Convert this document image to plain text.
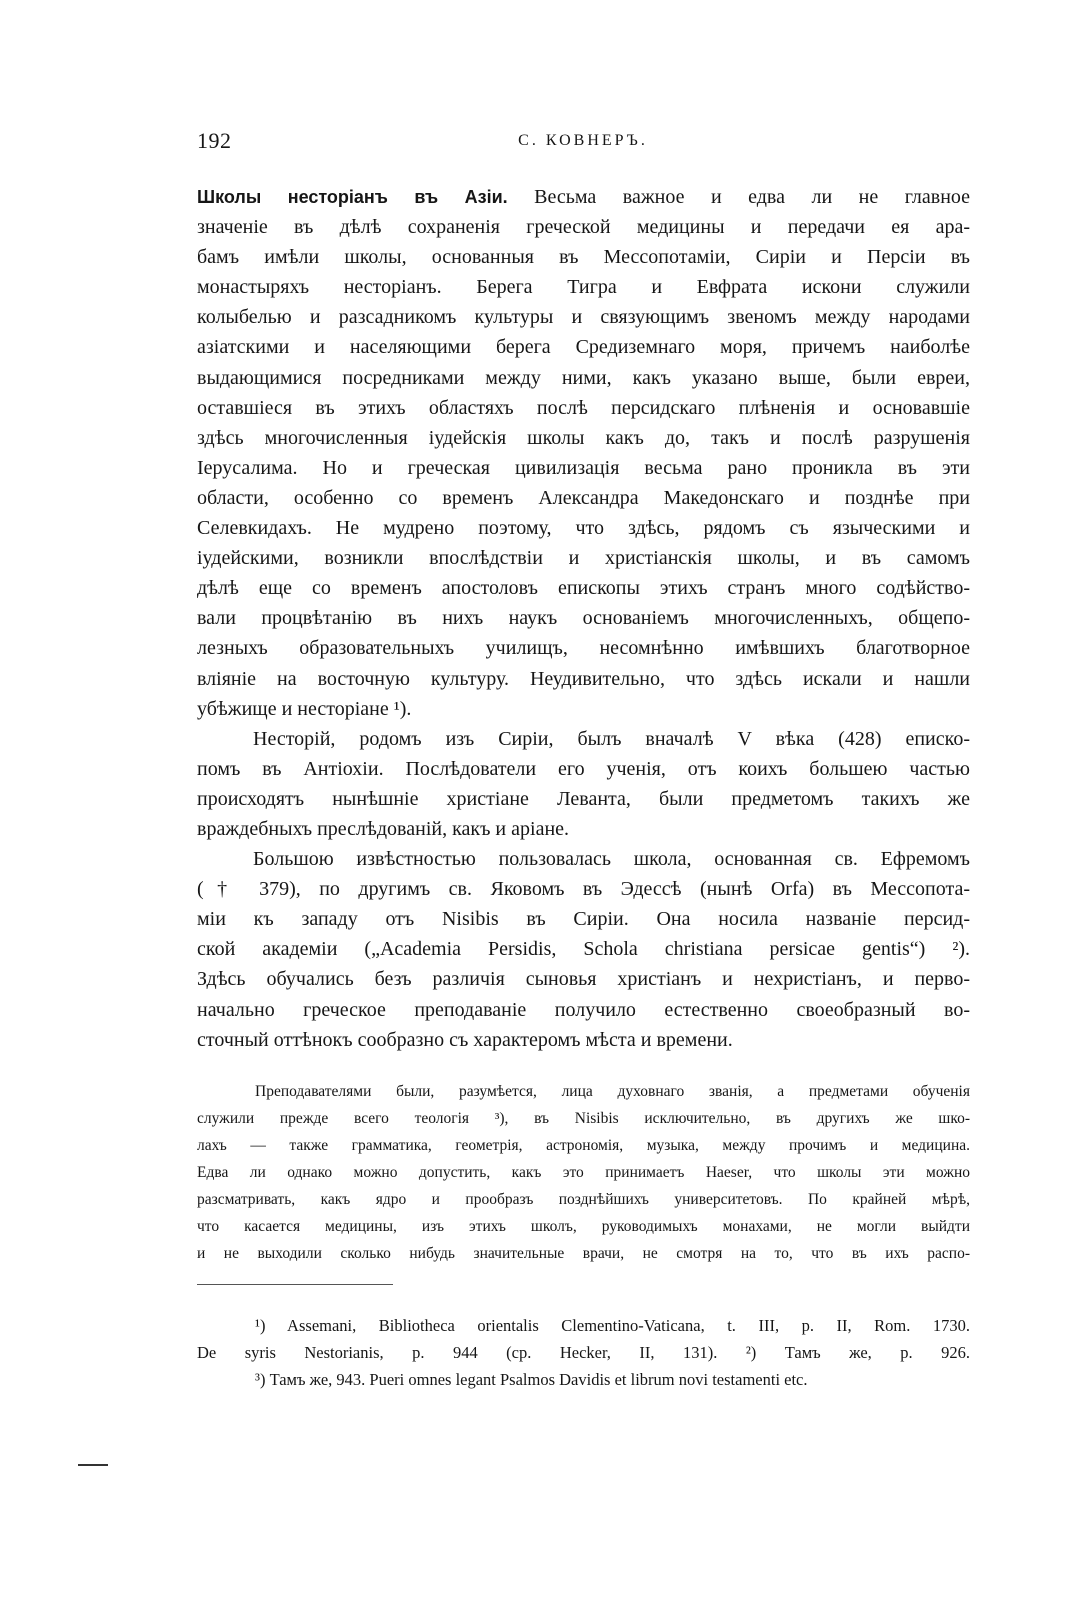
192	С. КОВНЕРЪ.
Школы несторіанъ въ Азіи. Весьма важное и едва ли не главное
значеніе въ дѣлѣ сохраненія греческой медицины и передачи ея ара-
бамъ имѣли школы, основанныя въ Мессопотаміи, Сиріи и Персіи въ
монастыряхъ несторіанъ. Берега Тигра и Евфрата искони служили
колыбелью и разсадникомъ культуры и связующимъ звеномъ между народами
азіатскими и населяющими берега Средиземнаго моря, причемъ наиболѣе
выдающимися посредниками между ними, какъ указано выше, были евреи,
оставшіеся въ этихъ областяхъ послѣ персидскаго плѣненія и основавшіе
здѣсь многочисленныя іудейскія школы какъ до, такъ и послѣ разрушенія
Іерусалима. Но и греческая цивилизація весьма рано проникла въ эти
области, особенно со временъ Александра Македонскаго и позднѣе при
Селевкидахъ. Не мудрено поэтому, что здѣсь, рядомъ съ языческими и
іудейскими, возникли впослѣдствіи и христіанскія школы, и въ самомъ
дѣлѣ еще со временъ апостоловъ епископы этихъ странъ много содѣйство-
вали процвѣтанію въ нихъ наукъ основаніемъ многочисленныхъ, общепо-
лезныхъ образовательныхъ училищъ, несомнѣнно имѣвшихъ благотворное
вліяніе на восточную культуру. Неудивительно, что здѣсь искали и нашли
убѣжище и несторіане ¹).
Несторій, родомъ изъ Сиріи, былъ вначалѣ V вѣка (428) еписко-
помъ въ Антіохіи. Послѣдователи его ученія, отъ коихъ большею частью
происходятъ нынѣшніе христіане Леванта, были предметомъ такихъ же
враждебныхъ преслѣдованій, какъ и аріане.
Большою извѣстностью пользовалась школа, основанная св. Ефремомъ
(† 379), по другимъ св. Яковомъ въ Эдессѣ (нынѣ Orfa) въ Мессопота-
міи къ западу отъ Nisibis въ Сиріи. Она носила названіе персид-
ской академіи („Academia Persidis, Schola christiana persicae gentis“) ²).
Здѣсь обучались безъ различія сыновья христіанъ и нехристіанъ, и перво-
начально греческое преподаваніе получило естественно своеобразный во-
сточный оттѣнокъ сообразно съ характеромъ мѣста и времени.
Преподавателями были, разумѣется, лица духовнаго званія, а предметами обученія
служили прежде всего теологія ³), въ Nisibis исключительно, въ другихъ же шко-
лахъ — также грамматика, геометрія, астрономія, музыка, между прочимъ и медицина.
Едва ли однако можно допустить, какъ это принимаетъ Haeser, что школы эти можно
разсматривать, какъ ядро и прообразъ позднѣйшихъ университетовъ. По крайней мѣрѣ,
что касается медицины, изъ этихъ школъ, руководимыхъ монахами, не могли выйдти
и не выходили сколько нибудь значительные врачи, не смотря на то, что въ ихъ распо-
¹) Assemani, Bibliotheca orientalis Clementino-Vaticana, t. III, p. II, Rom. 1730.
De syris Nestorianis, p. 944 (cp. Hecker, II, 131). ²) Тамъ же, p. 926.
³) Тамъ же, 943. Pueri omnes legant Psalmos Davidis et librum novi testamenti etc.
